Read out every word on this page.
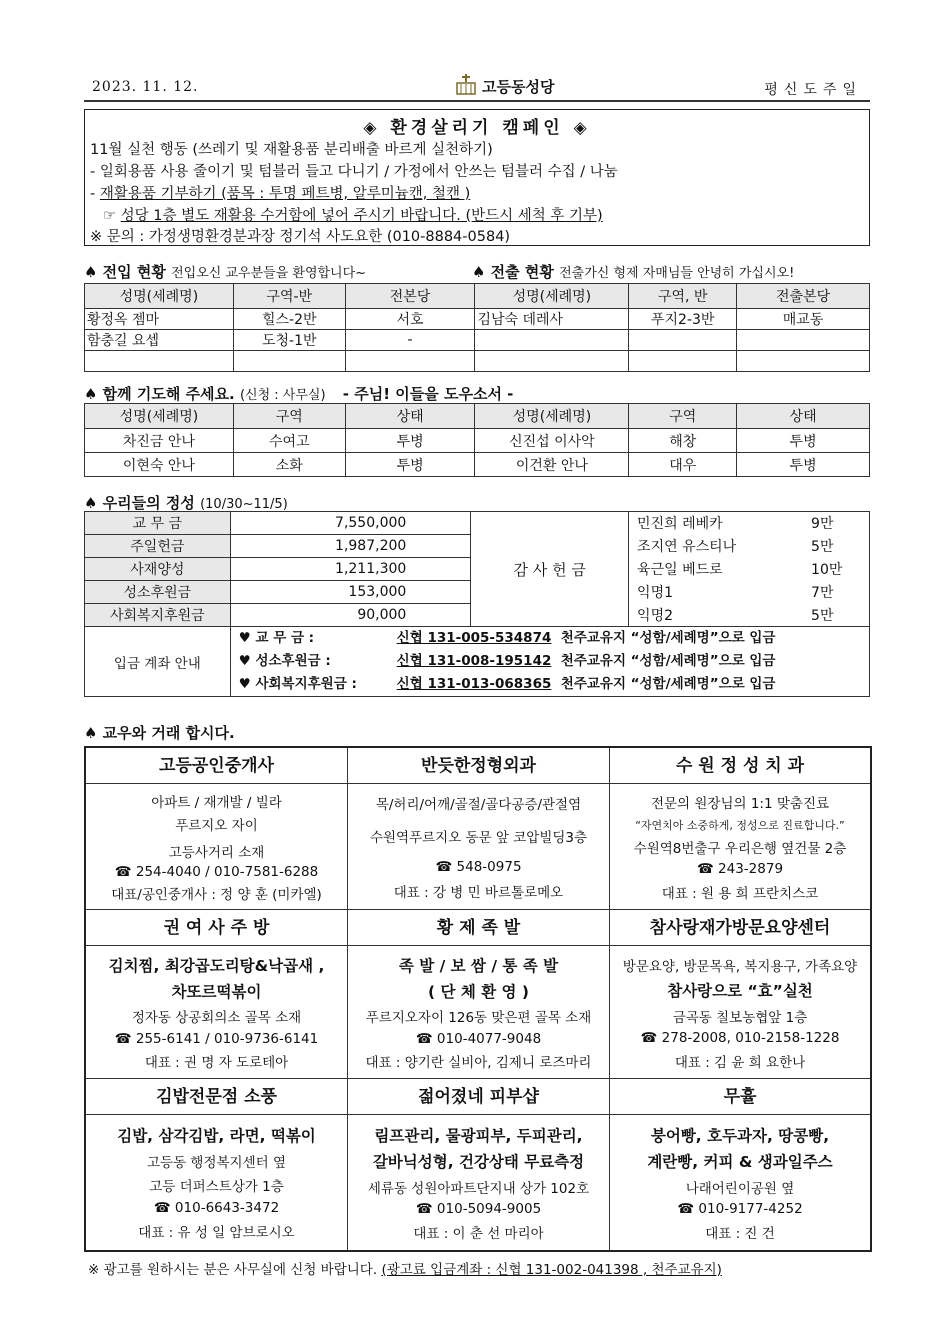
2023. 11. 12.	고등동성당	평신도주일
◈ 환경살리기 캠페인 ◈
11월 실천 행동 (쓰레기 및 재활용품 분리배출 바르게 실천하기)
- 일회용품 사용 줄이기 및 텀블러 들고 다니기 / 가정에서 안쓰는 텀블러 수집 / 나눔
- 재활용품 기부하기 (품목 : 투명 페트병, 알루미늄캔, 철캔 )
☞ 성당 1층 별도 재활용 수거함에 넣어 주시기 바랍니다. (반드시 세척 후 기부)
※ 문의 : 가정생명환경분과장 정기석 사도요한 (010-8884-0584)
♠ 전입 현황 전입오신 교우분들을 환영합니다~	♠ 전출 현황 전출가신 형제 자매님들 안녕히 가십시오!
성명(세례명)	구역-반	전본당	성명(세례명)	구역, 반	전출본당
황정옥 젬마	힐스-2반	서호	김남숙 데레사	푸지2-3반	매교동
함충길 요셉	도청-1반	-			

♠ 함께 기도해 주세요. (신청 : 사무실) - 주님! 이들을 도우소서 -
성명(세례명)	구역	상태	성명(세례명)	구역	상태
차진금 안나	수여고	투병	신진섭 이사악	해창	투병
이현숙 안나	소화	투병	이건환 안나	대우	투병
♠ 우리들의 정성 (10/30~11/5)
교 무 금	7,550,000	감 사 헌 금	민진희 레베카 9만
주일헌금	1,987,200		조지연 유스티나 5만
사재양성	1,211,300		육근일 베드로 10만
성소후원금	153,000		익명1 7만
사회복지후원금	90,000		익명2 5만
입금 계좌 안내	♥ 교 무 금 : 신협 131-005-534874 천주교유지 “성함/세례명”으로 입금
♥ 성소후원금 : 신협 131-008-195142 천주교유지 “성함/세례명”으로 입금
♥ 사회복지후원금 : 신협 131-013-068365 천주교유지 “성함/세례명”으로 입금		
♠ 교우와 거래 합시다.
고등공인중개사
아파트 / 재개발 / 빌라
푸르지오 자이
고등사거리 소재
☎ 254-4040 / 010-7581-6288
대표/공인중개사 : 정 양 훈 (미카엘)
반듯한정형외과
목/허리/어깨/골절/골다공증/관절염
수원역푸르지오 동문 앞 코압빌딩3층
☎ 548-0975
대표 : 강 병 민 바르톨로메오
수 원 정 성 치 과
전문의 원장님의 1:1 맞춤진료
“자연치아 소중하게, 정성으로 진료합니다.”
수원역8번출구 우리은행 옆건물 2층
☎ 243-2879
대표 : 원 용 희 프란치스코
권 여 사 주 방
김치찜, 최강곱도리탕&낙곱새 ,
차또르떡볶이
정자동 상공회의소 골목 소재
☎ 255-6141 / 010-9736-6141
대표 : 권 명 자 도로테아
황 제 족 발
족 발 / 보 쌈 / 통 족 발
( 단 체 환 영 )
푸르지오자이 126동 맞은편 골목 소재
☎ 010-4077-9048
대표 : 양기란 실비아, 김제니 로즈마리
참사랑재가방문요양센터
방문요양, 방문목욕, 복지용구, 가족요양
참사랑으로 “효”실천
금곡동 칠보농협앞 1층
☎ 278-2008, 010-2158-1228
대표 : 김 윤 희 요한나
김밥전문점 소풍
김밥, 삼각김밥, 라면, 떡볶이
고등동 행정복지센터 옆
고등 더퍼스트상가 1층
☎ 010-6643-3472
대표 : 유 성 일 암브로시오
젊어졌네 피부샵
림프관리, 물광피부, 두피관리,
갈바닉성형, 건강상태 무료측정
세류동 성원아파트단지내 상가 102호
☎ 010-5094-9005
대표 : 이 춘 선 마리아
무휼
붕어빵, 호두과자, 땅콩빵,
계란빵, 커피 & 생과일주스
나래어린이공원 옆
☎ 010-9177-4252
대표 : 진 건
※ 광고를 원하시는 분은 사무실에 신청 바랍니다. (광고료 입금계좌 : 신협 131-002-041398 , 천주교유지)
